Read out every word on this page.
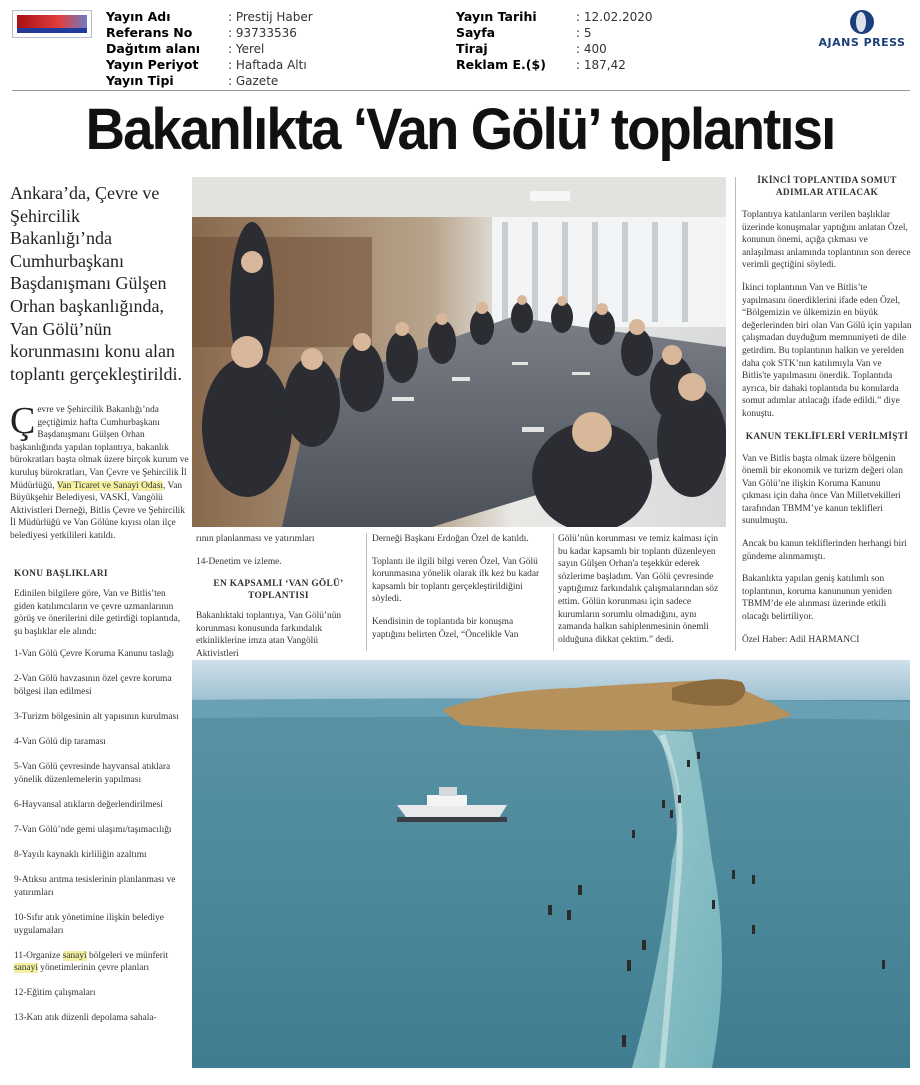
Yayın Adı	: Prestij Haber
Referans No	: 93733536
Dağıtım alanı	: Yerel
Yayın Periyot	: Haftada Altı
Yayın Tipi	: Gazete
Yayın Tarihi	: 12.02.2020
Sayfa	: 5
Tiraj	: 400
Reklam E.($)	: 187,42
AJANS PRESS
Bakanlıkta ‘Van Gölü’ toplantısı
Ankara’da, Çevre ve Şehircilik Bakanlığı’nda Cumhurbaşkanı Başdanışmanı Gülşen Orhan başkanlığında, Van Gölü’nün korunmasını konu alan toplantı gerçekleştirildi.

Çevre ve Şehircilik Bakanlığı’nda geçtiğimiz hafta Cumhurbaşkanı Başdanışmanı Gülşen Orhan başkanlığında yapılan toplantıya, bakanlık bürokratları başta olmak üzere birçok kurum ve kuruluş bürokratları, Van Çevre ve Şehircilik İl Müdürlüğü, Van Ticaret ve Sanayi Odası, Van Büyükşehir Belediyesi, VASKİ, Vangölü Aktivistleri Derneği, Bitlis Çevre ve Şehircilik İl Müdürlüğü ve Van Gölüne kıyısı olan ilçe belediyesi yetkilileri katıldı.

KONU BAŞLIKLARI

Edinilen bilgilere göre, Van ve Bitlis’ten giden katılımcıların ve çevre uzmanlarının görüş ve önerilerini dile getirdiği toplantıda, şu başlıklar ele alındı:

1-Van Gölü Çevre Koruma Kanunu taslağı
2-Van Gölü havzasının özel çevre koruma bölgesi ilan edilmesi
3-Turizm bölgesinin alt yapısının kurulması
4-Van Gölü dip taraması
5-Van Gölü çevresinde hayvansal atıklara yönelik düzenlemelerin yapılması
6-Hayvansal atıkların değerlendirilmesi
7-Van Gölü’nde gemi ulaşımı/taşımacılığı
8-Yayılı kaynaklı kirliliğin azaltımı
9-Atıksu arıtma tesislerinin planlanması ve yatırımları
10-Sıfır atık yönetimine ilişkin belediye uygulamaları
11-Organize sanayi bölgeleri ve münferit sanayi yönetimlerinin çevre planları
12-Eğitim çalışmaları
13-Katı atık düzenli depolama sahala-

rının planlanması ve yatırımları

14-Denetim ve izleme.

EN KAPSAMLI ‘VAN GÖLÜ’ TOPLANTISI

Bakanlıktaki toplantıya, Van Gölü’nün korunması konusunda farkındalık etkinliklerine imza atan Vangölü Aktivistleri

Derneği Başkanı Erdoğan Özel de katıldı.

Toplantı ile ilgili bilgi veren Özel, Van Gölü korunmasına yönelik olarak ilk kez bu kadar kapsamlı bir toplantı gerçekleştirildiğini söyledi.

Kendisinin de toplantıda bir konuşma yaptığını belirten Özel, “Öncelikle Van

Gölü’nün korunması ve temiz kalması için bu kadar kapsamlı bir toplantı düzenleyen sayın Gülşen Orhan'a teşekkür ederek sözlerime başladım. Van Gölü çevresinde yaptığımız farkındalık çalışmalarından söz ettim. Gölün korunması için sadece kurumların sorumlu olmadığını, aynı zamanda halkın sahiplenmesinin önemli olduğuna dikkat çektim.” dedi.

İKİNCİ TOPLANTIDA SOMUT ADIMLAR ATILACAK

Toplantıya katılanların verilen başlıklar üzerinde konuşmalar yaptığını anlatan Özel, konunun önemi, açığa çıkması ve anlaşılması anlamında toplantının son derece verimli geçtiğini söyledi.

İkinci toplantının Van ve Bitlis’te yapılmasını önerdiklerini ifade eden Özel, “Bölgemizin ve ülkemizin en büyük değerlerinden biri olan Van Gölü için yapılan çalışmadan duyduğum memnuniyeti de dile getirdim. Bu toplantının halkın ve yerelden daha çok STK’nın katılımıyla Van ve Bitlis'te yapılmasını önerdik. Toplantıda ayrıca, bir dahaki toplantıda bu konularda somut adımlar atılacağı ifade edildi.” diye konuştu.

KANUN TEKLİFLERİ VERİLMİŞTİ

Van ve Bitlis başta olmak üzere bölgenin önemli bir ekonomik ve turizm değeri olan Van Gölü’ne ilişkin Koruma Kanunu çıkması için daha önce Van Milletvekilleri tarafından TBMM’ye kanun teklifleri sunulmuştu.

Ancak bu kanun tekliflerinden herhangi biri gündeme alınmamıştı.

Bakanlıkta yapılan geniş katılımlı son toplantının, koruma kanununun yeniden TBMM’de ele alınması üzerinde etkili olacağı belirtiliyor.

Özel Haber: Adil HARMANCI
